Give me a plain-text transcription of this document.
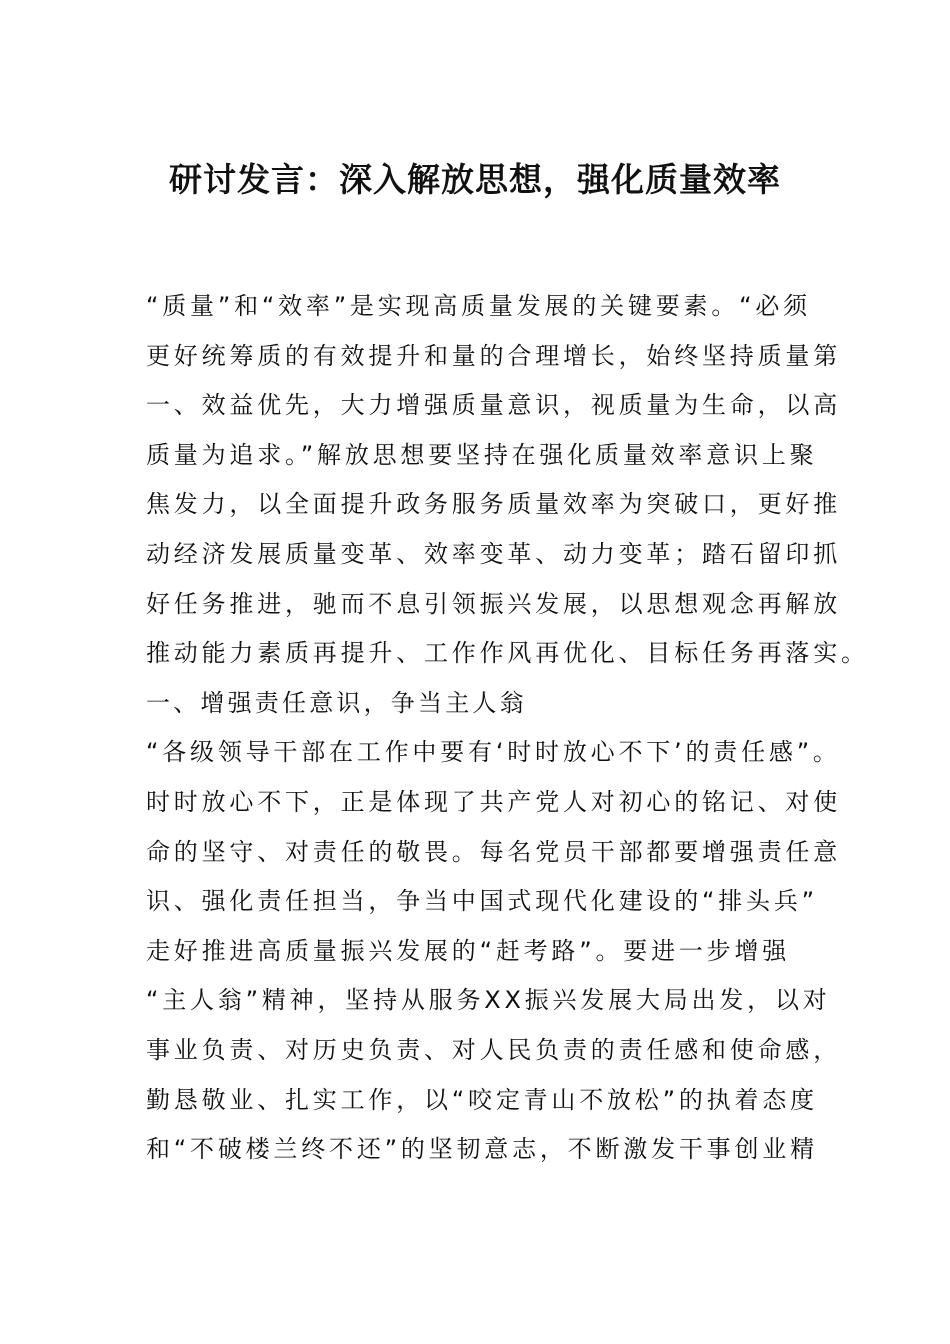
研讨发言：深入解放思想，强化质量效率
“质量”和“效率”是实现高质量发展的关键要素。“必须
更好统筹质的有效提升和量的合理增长，始终坚持质量第
一、效益优先，大力增强质量意识，视质量为生命，以高
质量为追求。”解放思想要坚持在强化质量效率意识上聚
焦发力，以全面提升政务服务质量效率为突破口，更好推
动经济发展质量变革、效率变革、动力变革；踏石留印抓
好任务推进，驰而不息引领振兴发展，以思想观念再解放
推动能力素质再提升、工作作风再优化、目标任务再落实。
一、增强责任意识，争当主人翁
“各级领导干部在工作中要有‘时时放心不下’的责任感”。
时时放心不下，正是体现了共产党人对初心的铭记、对使
命的坚守、对责任的敬畏。每名党员干部都要增强责任意
识、强化责任担当，争当中国式现代化建设的“排头兵”
走好推进高质量振兴发展的“赶考路”。要进一步增强
“主人翁”精神，坚持从服务XX振兴发展大局出发，以对
事业负责、对历史负责、对人民负责的责任感和使命感，
勤恳敬业、扎实工作，以“咬定青山不放松”的执着态度
和“不破楼兰终不还”的坚韧意志，不断激发干事创业精
